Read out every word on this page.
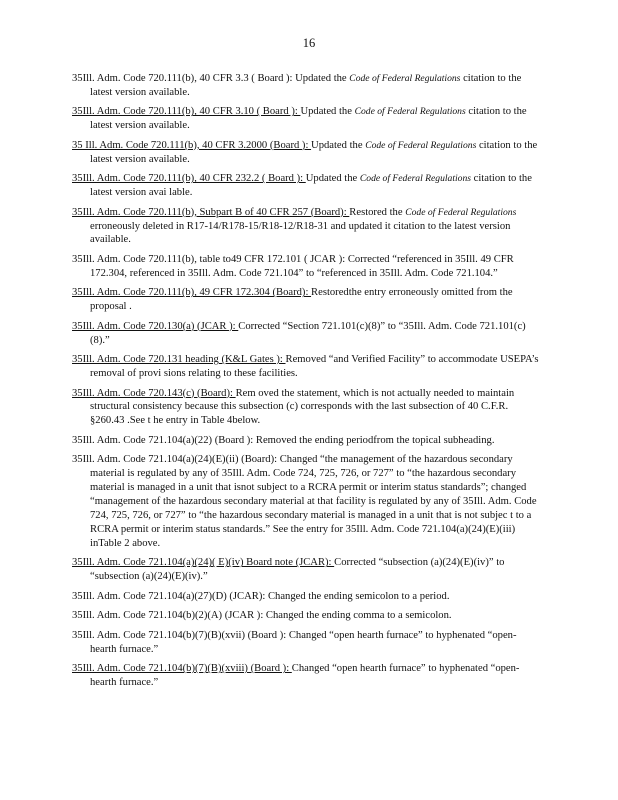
16
35Ill. Adm. Code 720.111(b), 40 CFR 3.3 ( Board ): Updated the Code of Federal Regulations citation to the latest version available.
35Ill. Adm. Code 720.111(b), 40 CFR 3.10 ( Board ): Updated the Code of Federal Regulations citation to the latest version available.
35 Ill. Adm. Code 720.111(b), 40 CFR 3.2000 (Board ): Updated the Code of Federal Regulations citation to the latest version available.
35Ill. Adm. Code 720.111(b), 40 CFR 232.2 ( Board ): Updated the Code of Federal Regulations citation to the latest version avai lable.
35Ill. Adm. Code 720.111(b), Subpart B of 40 CFR 257 (Board): Restored the Code of Federal Regulations erroneously deleted in R17-14/R178-15/R18-12/R18-31 and updated it citation to the latest version available.
35Ill. Adm. Code 720.111(b), table to49 CFR 172.101 ( JCAR ): Corrected “referenced in 35Ill. 49 CFR 172.304, referenced in 35Ill. Adm. Code 721.104” to “referenced in 35Ill. Adm. Code 721.104.”
35Ill. Adm. Code 720.111(b), 49 CFR 172.304 (Board): Restoredthe entry erroneously omitted from the proposal .
35Ill. Adm. Code 720.130(a) (JCAR ): Corrected “Section 721.101(c)(8)” to “35Ill. Adm. Code 721.101(c)(8).”
35Ill. Adm. Code 720.131 heading (K&L Gates ): Removed “and Verified Facility” to accommodate USEPA’s removal of provi sions relating to these facilities.
35Ill. Adm. Code 720.143(c) (Board): Rem oved the statement, which is not actually needed to maintain structural consistency because this subsection (c) corresponds with the last subsection of 40 C.F.R. §260.43 .See t he entry in Table 4below.
35Ill. Adm. Code 721.104(a)(22) (Board ): Removed the ending periodfrom the topical subheading.
35Ill. Adm. Code 721.104(a)(24)(E)(ii) (Board): Changed “the management of the hazardous secondary material is regulated by any of 35Ill. Adm. Code 724, 725, 726, or 727” to “the hazardous secondary material is managed in a unit that isnot subject to a RCRA permit or interim status standards”; changed “management of the hazardous secondary material at that facility is regulated by any of 35Ill. Adm. Code 724, 725, 726, or 727” to “the hazardous secondary material is managed in a unit that is not subjec t to a RCRA permit or interim status standards.” See the entry for 35Ill. Adm. Code 721.104(a)(24)(E)(iii) inTable 2 above.
35Ill. Adm. Code 721.104(a)(24)( E)(iv) Board note (JCAR): Corrected “subsection (a)(24)(E)(iv)” to “subsection (a)(24)(E)(iv).”
35Ill. Adm. Code 721.104(a)(27)(D) (JCAR): Changed the ending semicolon to a period.
35Ill. Adm. Code 721.104(b)(2)(A) (JCAR ): Changed the ending comma to a semicolon.
35Ill. Adm. Code 721.104(b)(7)(B)(xvii) (Board ): Changed “open hearth furnace” to hyphenated “open-hearth furnace.”
35Ill. Adm. Code 721.104(b)(7)(B)(xviii) (Board ): Changed “open hearth furnace” to hyphenated “open-hearth furnace.”
